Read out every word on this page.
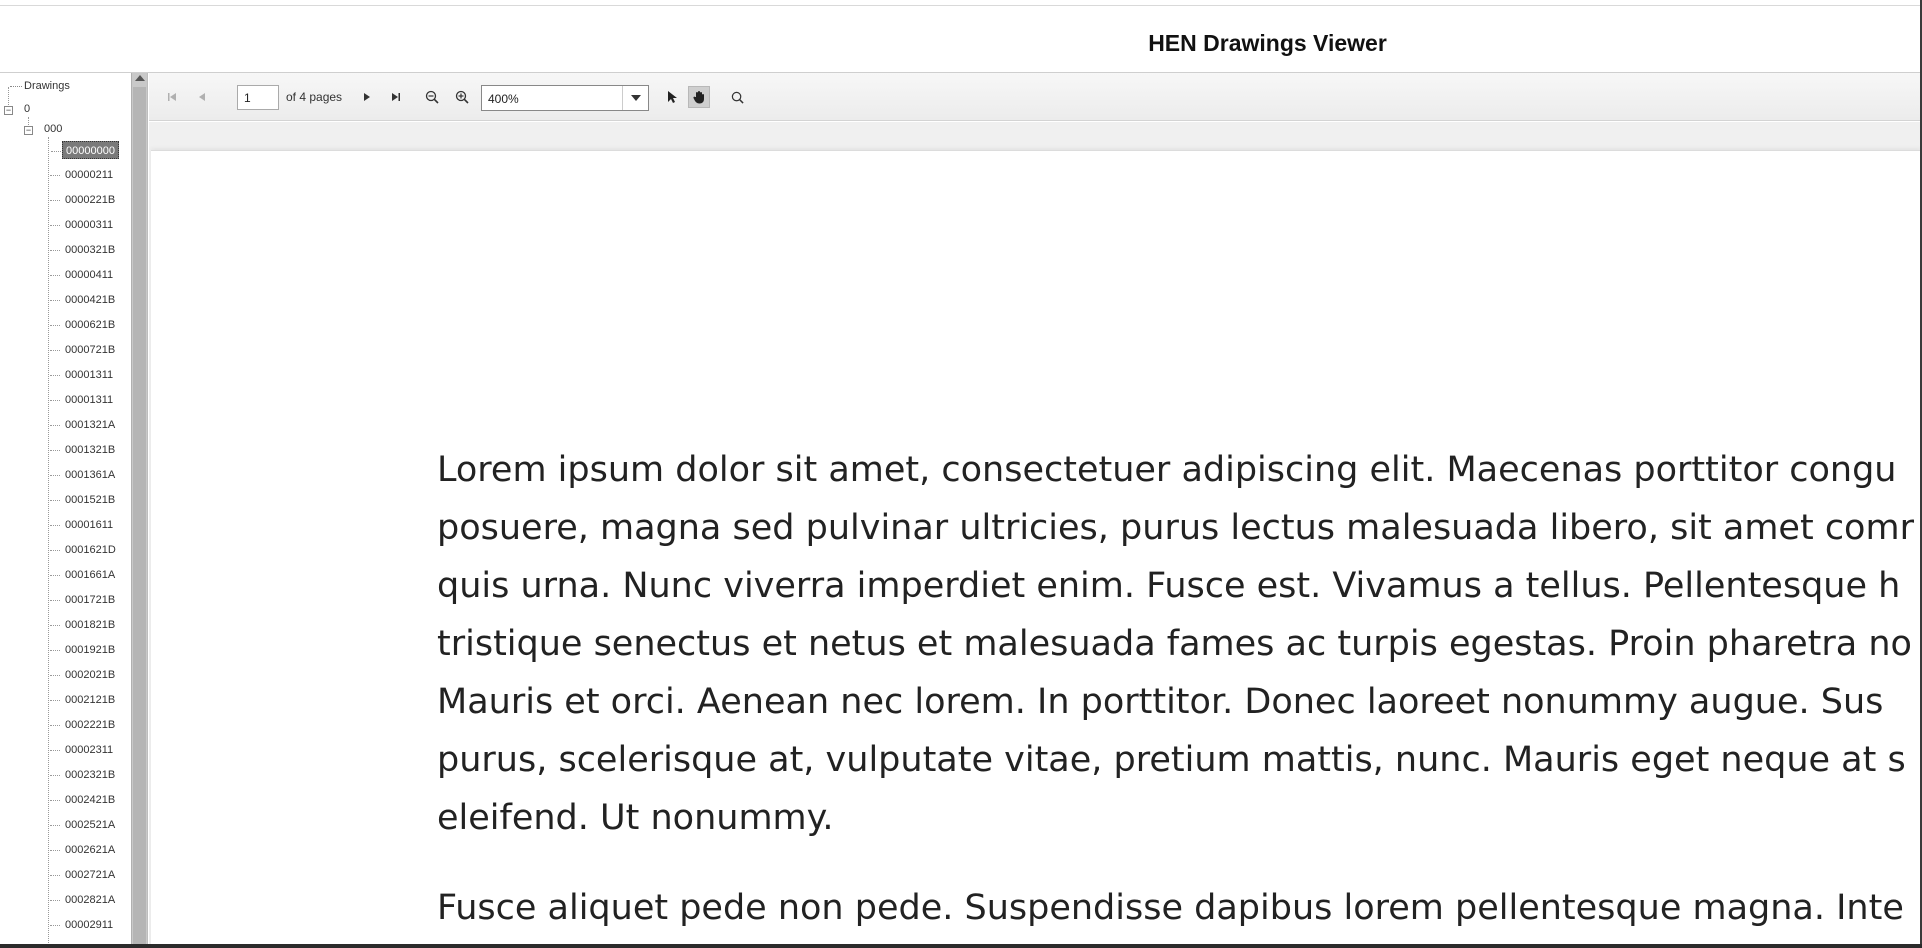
HEN Drawings Viewer
Drawings
− 0
− 000
00000000
00000211
0000221B
00000311
0000321B
00000411
0000421B
0000621B
0000721B
00001311
00001311
0001321A
0001321B
0001361A
0001521B
00001611
0001621D
0001661A
0001721B
0001821B
0001921B
0002021B
0002121B
0002221B
00002311
0002321B
0002421B
0002521A
0002621A
0002721A
0002821A
00002911
1	of 4 pages	400%
Lorem ipsum dolor sit amet, consectetuer adipiscing elit. Maecenas porttitor congu
posuere, magna sed pulvinar ultricies, purus lectus malesuada libero, sit amet comr
quis urna. Nunc viverra imperdiet enim. Fusce est. Vivamus a tellus. Pellentesque h
tristique senectus et netus et malesuada fames ac turpis egestas. Proin pharetra no
Mauris et orci. Aenean nec lorem. In porttitor. Donec laoreet nonummy augue. Sus
purus, scelerisque at, vulputate vitae, pretium mattis, nunc. Mauris eget neque at s
eleifend. Ut nonummy.
Fusce aliquet pede non pede. Suspendisse dapibus lorem pellentesque magna. Inte
